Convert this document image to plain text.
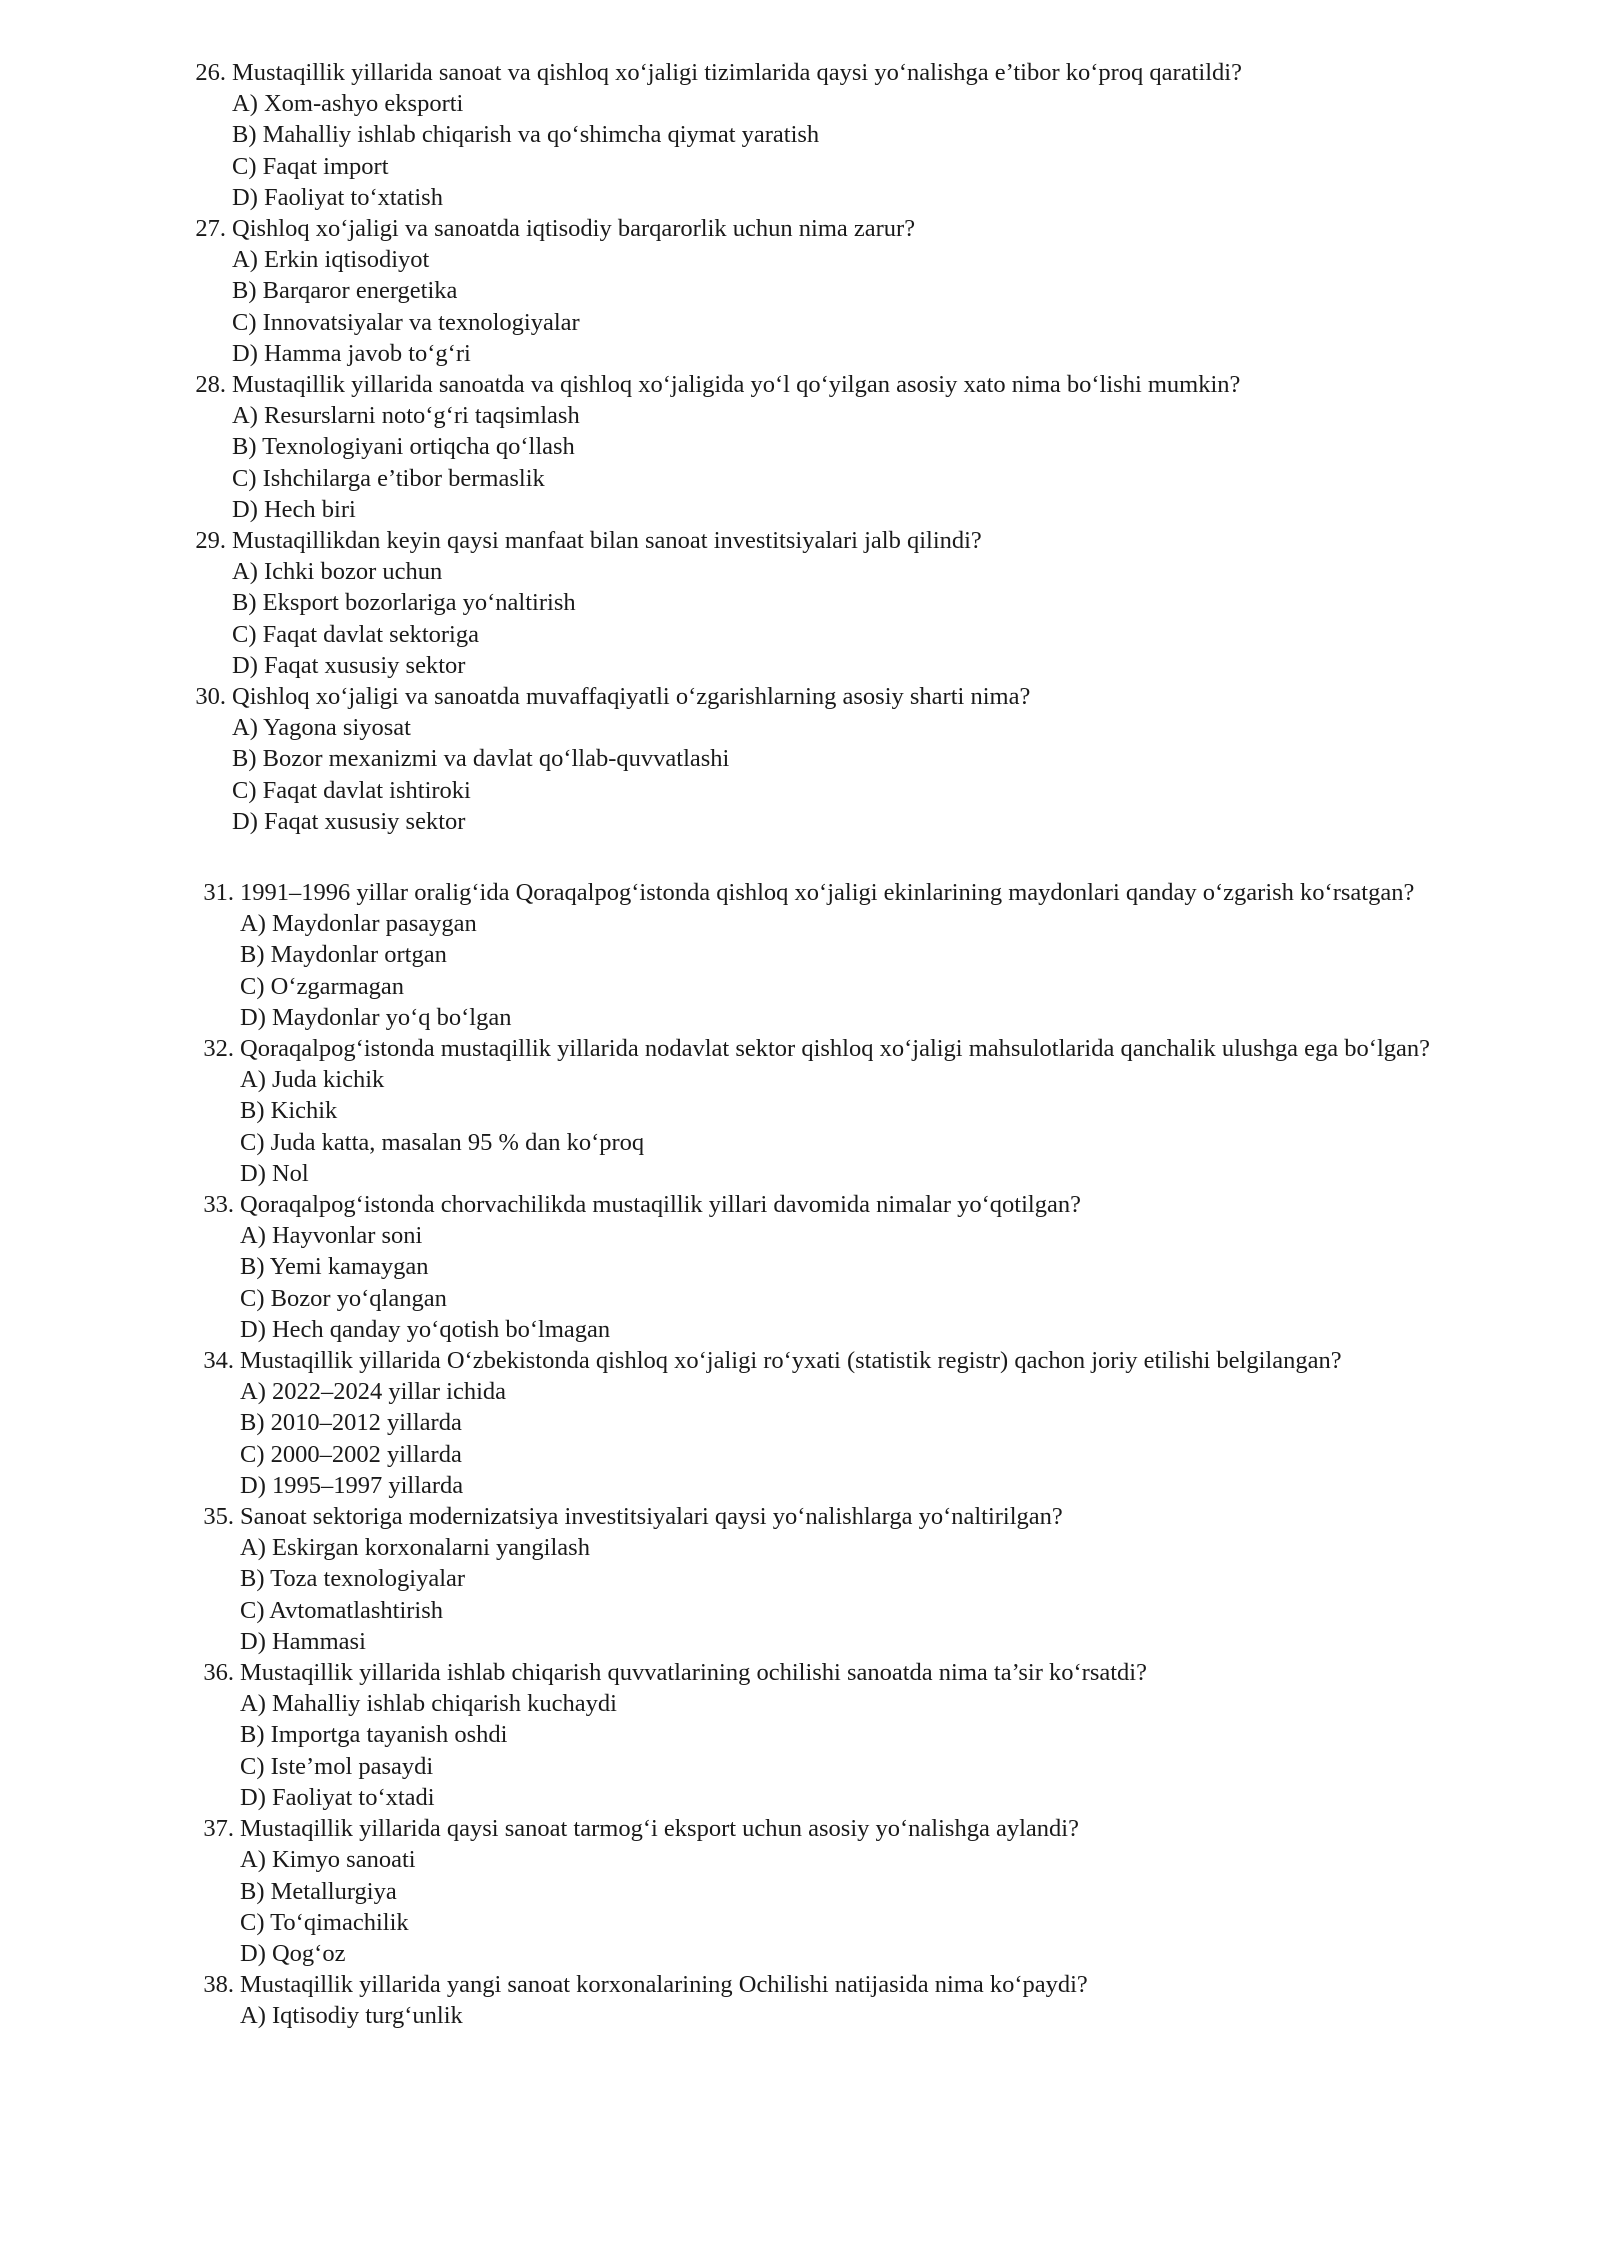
26. Mustaqillik yillarida sanoat va qishloq xo‘jaligi tizimlarida qaysi yo‘nalishga e’tibor ko‘proq qaratildi?
A) Xom-ashyo eksporti
B) Mahalliy ishlab chiqarish va qo‘shimcha qiymat yaratish
C) Faqat import
D) Faoliyat to‘xtatish
27. Qishloq xo‘jaligi va sanoatda iqtisodiy barqarorlik uchun nima zarur?
A) Erkin iqtisodiyot
B) Barqaror energetika
C) Innovatsiyalar va texnologiyalar
D) Hamma javob to‘g‘ri
28. Mustaqillik yillarida sanoatda va qishloq xo‘jaligida yo‘l qo‘yilgan asosiy xato nima bo‘lishi mumkin?
A) Resurslarni noto‘g‘ri taqsimlash
B) Texnologiyani ortiqcha qo‘llash
C) Ishchilarga e’tibor bermaslik
D) Hech biri
29. Mustaqillikdan keyin qaysi manfaat bilan sanoat investitsiyalari jalb qilindi?
A) Ichki bozor uchun
B) Eksport bozorlariga yo‘naltirish
C) Faqat davlat sektoriga
D) Faqat xususiy sektor
30. Qishloq xo‘jaligi va sanoatda muvaffaqiyatli o‘zgarishlarning asosiy sharti nima?
A) Yagona siyosat
B) Bozor mexanizmi va davlat qo‘llab-quvvatlashi
C) Faqat davlat ishtiroki
D) Faqat xususiy sektor
31. 1991–1996 yillar oralig‘ida Qoraqalpog‘istonda qishloq xo‘jaligi ekinlarining maydonlari qanday o‘zgarish ko‘rsatgan?
A) Maydonlar pasaygan
B) Maydonlar ortgan
C) O‘zgarmagan
D) Maydonlar yo‘q bo‘lgan
32. Qoraqalpog‘istonda mustaqillik yillarida nodavlat sektor qishloq xo‘jaligi mahsulotlarida qanchalik ulushga ega bo‘lgan?
A) Juda kichik
B) Kichik
C) Juda katta, masalan 95 % dan ko‘proq
D) Nol
33. Qoraqalpog‘istonda chorvachilikda mustaqillik yillari davomida nimalar yo‘qotilgan?
A) Hayvonlar soni
B) Yemi kamaygan
C) Bozor yo‘qlangan
D) Hech qanday yo‘qotish bo‘lmagan
34. Mustaqillik yillarida O‘zbekistonda qishloq xo‘jaligi ro‘yxati (statistik registr) qachon joriy etilishi belgilangan?
A) 2022–2024 yillar ichida
B) 2010–2012 yillarda
C) 2000–2002 yillarda
D) 1995–1997 yillarda
35. Sanoat sektoriga modernizatsiya investitsiyalari qaysi yo‘nalishlarga yo‘naltirilgan?
A) Eskirgan korxonalarni yangilash
B) Toza texnologiyalar
C) Avtomatlashtirish
D) Hammasi
36. Mustaqillik yillarida ishlab chiqarish quvvatlarining ochilishi sanoatda nima ta’sir ko‘rsatdi?
A) Mahalliy ishlab chiqarish kuchaydi
B) Importga tayanish oshdi
C) Iste’mol pasaydi
D) Faoliyat to‘xtadi
37. Mustaqillik yillarida qaysi sanoat tarmog‘i eksport uchun asosiy yo‘nalishga aylandi?
A) Kimyo sanoati
B) Metallurgiya
C) To‘qimachilik
D) Qog‘oz
38. Mustaqillik yillarida yangi sanoat korxonalarining Ochilishi natijasida nima ko‘paydi?
A) Iqtisodiy turg‘unlik
